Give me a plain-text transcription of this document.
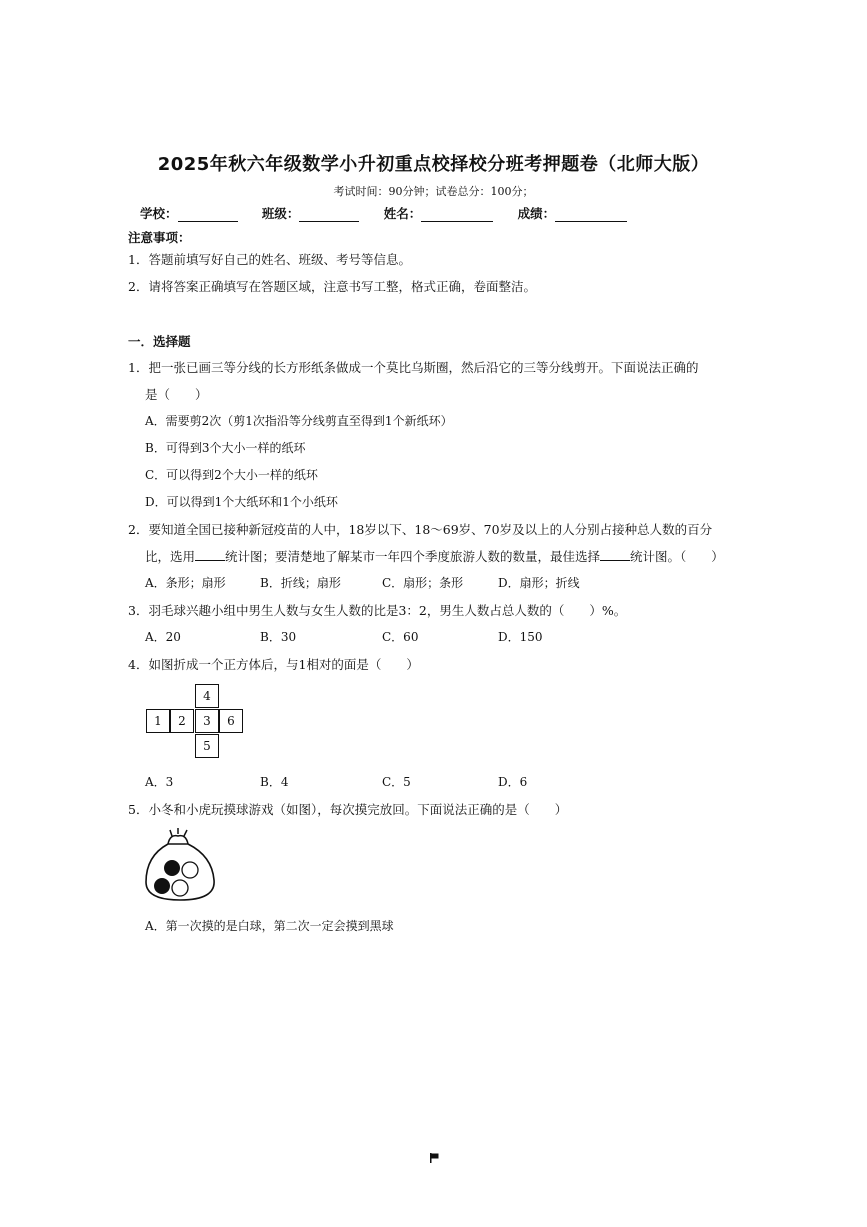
2025年秋六年级数学小升初重点校择校分班考押题卷（北师大版）
考试时间：90分钟；试卷总分：100分；
学校：	班级：	姓名：	成绩：
注意事项：
1．答题前填写好自己的姓名、班级、考号等信息。
2．请将答案正确填写在答题区域，注意书写工整，格式正确，卷面整洁。
一．选择题
1．把一张已画三等分线的长方形纸条做成一个莫比乌斯圈，然后沿它的三等分线剪开。下面说法正确的
是（　　）
A．需要剪2次（剪1次指沿等分线剪直至得到1个新纸环）
B．可得到3个大小一样的纸环
C．可以得到2个大小一样的纸环
D．可以得到1个大纸环和1个小纸环
2．要知道全国已接种新冠疫苗的人中，18岁以下、18～69岁、70岁及以上的人分别占接种总人数的百分
比，选用 统计图；要清楚地了解某市一年四个季度旅游人数的数量，最佳选择 统计图。（　　）
A．条形；扇形	B．折线；扇形	C．扇形；条形	D．扇形；折线
3．羽毛球兴趣小组中男生人数与女生人数的比是3：2，男生人数占总人数的（　　）%。
A．20	B．30	C．60	D．150
4．如图折成一个正方体后，与1相对的面是（　　）
4
1	2	3	6
5
A．3	B．4	C．5	D．6
5．小冬和小虎玩摸球游戏（如图），每次摸完放回。下面说法正确的是（　　）
A．第一次摸的是白球，第二次一定会摸到黑球
